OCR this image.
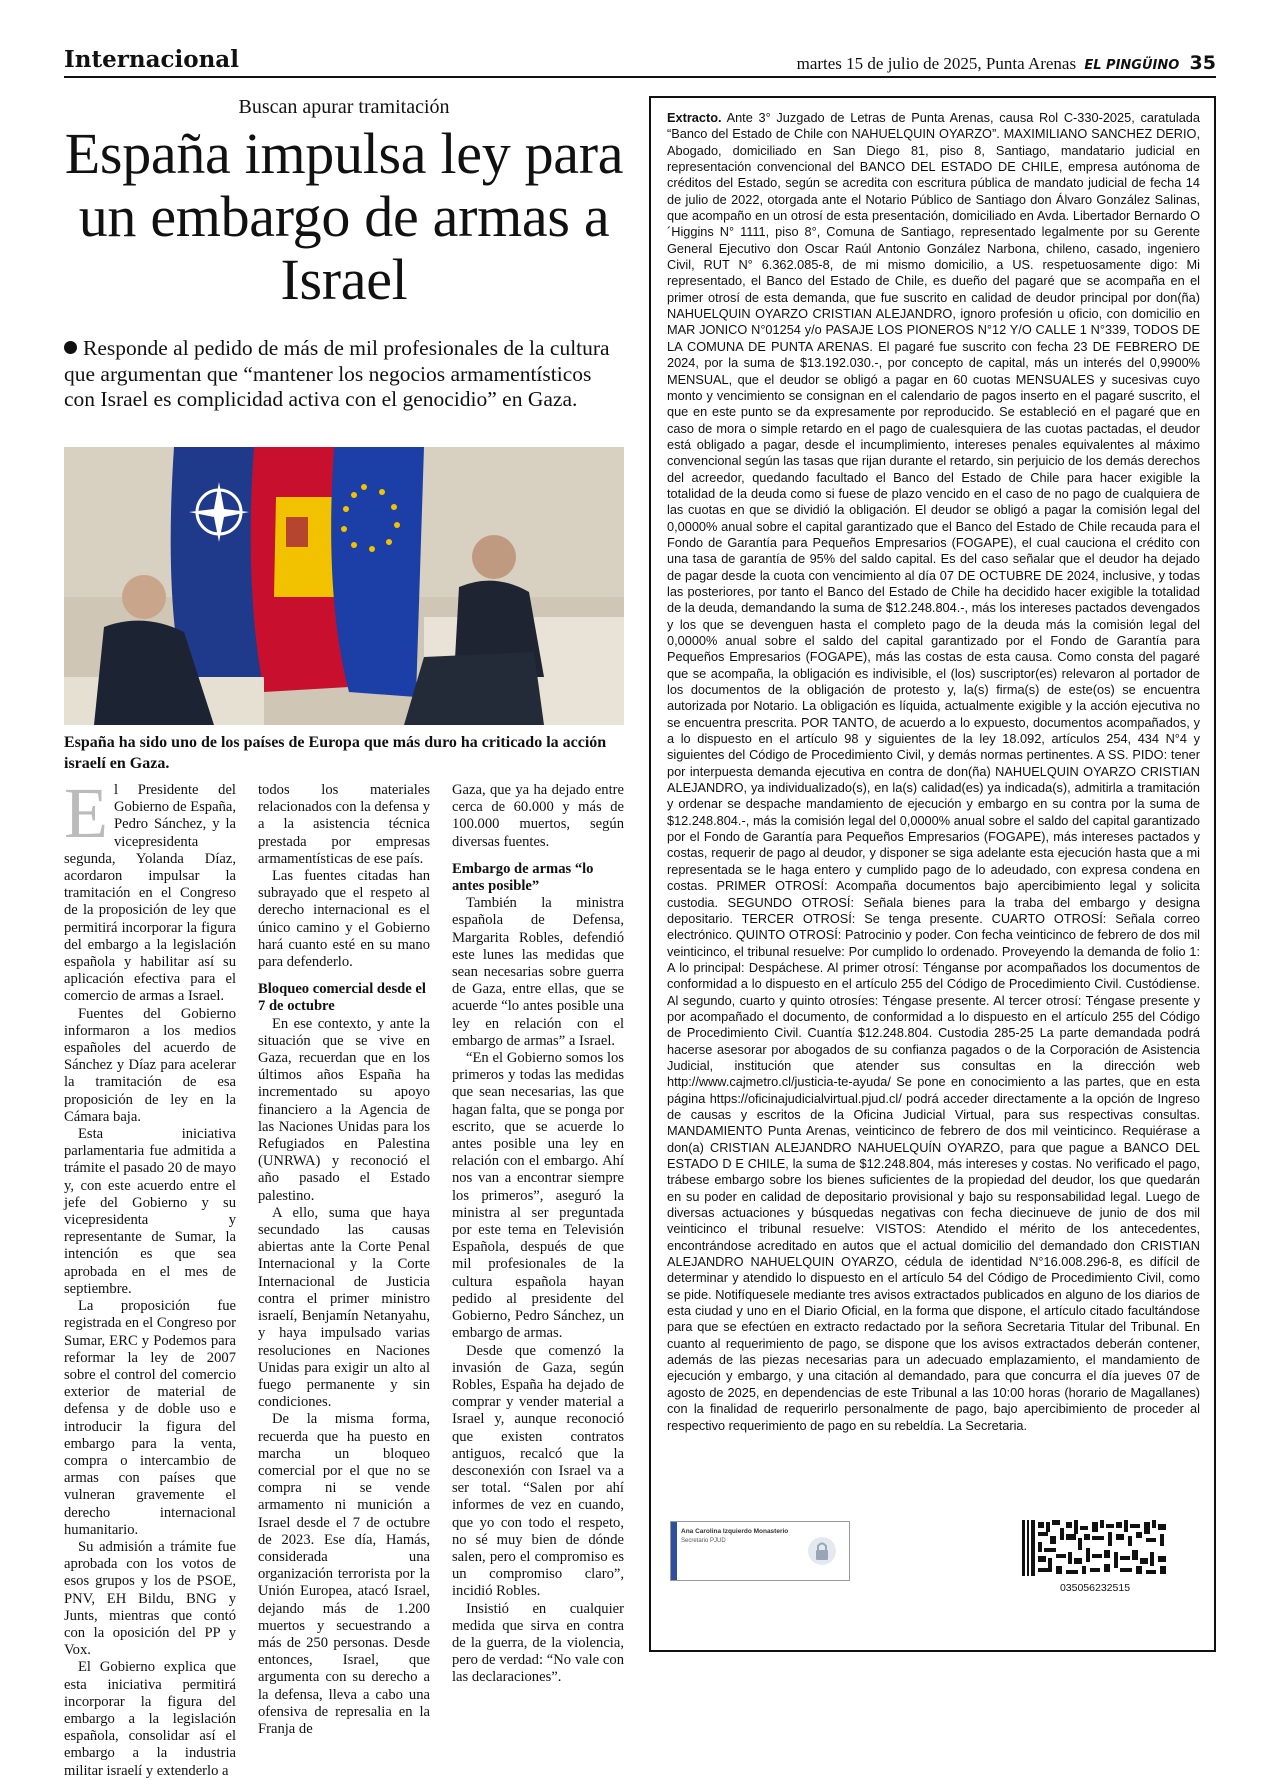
Internacional	martes 15 de julio de 2025, Punta Arenas EL PINGÜINO 35
Buscan apurar tramitación
España impulsa ley para un embargo de armas a Israel
Responde al pedido de más de mil profesionales de la cultura que argumentan que “mantener los negocios armamentísticos con Israel es complicidad activa con el genocidio” en Gaza.
España ha sido uno de los países de Europa que más duro ha criticado la acción israelí en Gaza.
E l Presidente del Gobierno de España, Pedro Sánchez, y la vicepresidenta segunda, Yolanda Díaz, acordaron impulsar la tramitación en el Congreso de la proposición de ley que permitirá incorporar la figura del embargo a la legislación española y habilitar así su aplicación efectiva para el comercio de armas a Israel.

Fuentes del Gobierno informaron a los medios españoles del acuerdo de Sánchez y Díaz para acelerar la tramitación de esa proposición de ley en la Cámara baja.

Esta iniciativa parlamentaria fue admitida a trámite el pasado 20 de mayo y, con este acuerdo entre el jefe del Gobierno y su vicepresidenta y representante de Sumar, la intención es que sea aprobada en el mes de septiembre.

La proposición fue registrada en el Congreso por Sumar, ERC y Podemos para reformar la ley de 2007 sobre el control del comercio exterior de material de defensa y de doble uso e introducir la figura del embargo para la venta, compra o intercambio de armas con países que vulneran gravemente el derecho internacional humanitario.

Su admisión a trámite fue aprobada con los votos de esos grupos y los de PSOE, PNV, EH Bildu, BNG y Junts, mientras que contó con la oposición del PP y Vox.

El Gobierno explica que esta iniciativa permitirá incorporar la figura del embargo a la legislación española, consolidar así el embargo a la industria militar israelí y extenderlo a

todos los materiales relacionados con la defensa y a la asistencia técnica prestada por empresas armamentísticas de ese país.

Las fuentes citadas han subrayado que el respeto al derecho internacional es el único camino y el Gobierno hará cuanto esté en su mano para defenderlo.

Bloqueo comercial desde el 7 de octubre

En ese contexto, y ante la situación que se vive en Gaza, recuerdan que en los últimos años España ha incrementado su apoyo financiero a la Agencia de las Naciones Unidas para los Refugiados en Palestina (UNRWA) y reconoció el año pasado el Estado palestino.

A ello, suma que haya secundado las causas abiertas ante la Corte Penal Internacional y la Corte Internacional de Justicia contra el primer ministro israelí, Benjamín Netanyahu, y haya impulsado varias resoluciones en Naciones Unidas para exigir un alto al fuego permanente y sin condiciones.

De la misma forma, recuerda que ha puesto en marcha un bloqueo comercial por el que no se compra ni se vende armamento ni munición a Israel desde el 7 de octubre de 2023. Ese día, Hamás, considerada una organización terrorista por la Unión Europea, atacó Israel, dejando más de 1.200 muertos y secuestrando a más de 250 personas. Desde entonces, Israel, que argumenta con su derecho a la defensa, lleva a cabo una ofensiva de represalia en la Franja de

Gaza, que ya ha dejado entre cerca de 60.000 y más de 100.000 muertos, según diversas fuentes.

Embargo de armas “lo antes posible”

También la ministra española de Defensa, Margarita Robles, defendió este lunes las medidas que sean necesarias sobre guerra de Gaza, entre ellas, que se acuerde “lo antes posible una ley en relación con el embargo de armas” a Israel.

“En el Gobierno somos los primeros y todas las medidas que sean necesarias, las que hagan falta, que se ponga por escrito, que se acuerde lo antes posible una ley en relación con el embargo. Ahí nos van a encontrar siempre los primeros”, aseguró la ministra al ser preguntada por este tema en Televisión Española, después de que mil profesionales de la cultura española hayan pedido al presidente del Gobierno, Pedro Sánchez, un embargo de armas.

Desde que comenzó la invasión de Gaza, según Robles, España ha dejado de comprar y vender material a Israel y, aunque reconoció que existen contratos antiguos, recalcó que la desconexión con Israel va a ser total. “Salen por ahí informes de vez en cuando, que yo con todo el respeto, no sé muy bien de dónde salen, pero el compromiso es un compromiso claro”, incidió Robles.

Insistió en cualquier medida que sirva en contra de la guerra, de la violencia, pero de verdad: “No vale con las declaraciones”.

Extracto. Ante 3° Juzgado de Letras de Punta Arenas, causa Rol C-330-2025, caratulada “Banco del Estado de Chile con NAHUELQUIN OYARZO”. MAXIMILIANO SANCHEZ DERIO, Abogado, domiciliado en San Diego 81, piso 8, Santiago, mandatario judicial en representación convencional del BANCO DEL ESTADO DE CHILE, empresa autónoma de créditos del Estado, según se acredita con escritura pública de mandato judicial de fecha 14 de julio de 2022, otorgada ante el Notario Público de Santiago don Álvaro González Salinas, que acompaño en un otrosí de esta presentación, domiciliado en Avda. Libertador Bernardo O´Higgins N° 1111, piso 8°, Comuna de Santiago, representado legalmente por su Gerente General Ejecutivo don Oscar Raúl Antonio González Narbona, chileno, casado, ingeniero Civil, RUT N° 6.362.085-8, de mi mismo domicilio, a US. respetuosamente digo: Mi representado, el Banco del Estado de Chile, es dueño del pagaré que se acompaña en el primer otrosí de esta demanda, que fue suscrito en calidad de deudor principal por don(ña) NAHUELQUIN OYARZO CRISTIAN ALEJANDRO, ignoro profesión u oficio, con domicilio en MAR JONICO N°01254 y/o PASAJE LOS PIONEROS N°12 Y/O CALLE 1 N°339, TODOS DE LA COMUNA DE PUNTA ARENAS. El pagaré fue suscrito con fecha 23 DE FEBRERO DE 2024, por la suma de $13.192.030.-, por concepto de capital, más un interés del 0,9900% MENSUAL, que el deudor se obligó a pagar en 60 cuotas MENSUALES y sucesivas cuyo monto y vencimiento se consignan en el calendario de pagos inserto en el pagaré suscrito, el que en este punto se da expresamente por reproducido. Se estableció en el pagaré que en caso de mora o simple retardo en el pago de cualesquiera de las cuotas pactadas, el deudor está obligado a pagar, desde el incumplimiento, intereses penales equivalentes al máximo convencional según las tasas que rijan durante el retardo, sin perjuicio de los demás derechos del acreedor, quedando facultado el Banco del Estado de Chile para hacer exigible la totalidad de la deuda como si fuese de plazo vencido en el caso de no pago de cualquiera de las cuotas en que se dividió la obligación. El deudor se obligó a pagar la comisión legal del 0,0000% anual sobre el capital garantizado que el Banco del Estado de Chile recauda para el Fondo de Garantía para Pequeños Empresarios (FOGAPE), el cual cauciona el crédito con una tasa de garantía de 95% del saldo capital. Es del caso señalar que el deudor ha dejado de pagar desde la cuota con vencimiento al día 07 DE OCTUBRE DE 2024, inclusive, y todas las posteriores, por tanto el Banco del Estado de Chile ha decidido hacer exigible la totalidad de la deuda, demandando la suma de $12.248.804.-, más los intereses pactados devengados y los que se devenguen hasta el completo pago de la deuda más la comisión legal del 0,0000% anual sobre el saldo del capital garantizado por el Fondo de Garantía para Pequeños Empresarios (FOGAPE), más las costas de esta causa. Como consta del pagaré que se acompaña, la obligación es indivisible, el (los) suscriptor(es) relevaron al portador de los documentos de la obligación de protesto y, la(s) firma(s) de este(os) se encuentra autorizada por Notario. La obligación es líquida, actualmente exigible y la acción ejecutiva no se encuentra prescrita. POR TANTO, de acuerdo a lo expuesto, documentos acompañados, y a lo dispuesto en el artículo 98 y siguientes de la ley 18.092, artículos 254, 434 N°4 y siguientes del Código de Procedimiento Civil, y demás normas pertinentes. A SS. PIDO: tener por interpuesta demanda ejecutiva en contra de don(ña) NAHUELQUIN OYARZO CRISTIAN ALEJANDRO, ya individualizado(s), en la(s) calidad(es) ya indicada(s), admitirla a tramitación y ordenar se despache mandamiento de ejecución y embargo en su contra por la suma de $12.248.804.-, más la comisión legal del 0,0000% anual sobre el saldo del capital garantizado por el Fondo de Garantía para Pequeños Empresarios (FOGAPE), más intereses pactados y costas, requerir de pago al deudor, y disponer se siga adelante esta ejecución hasta que a mi representada se le haga entero y cumplido pago de lo adeudado, con expresa condena en costas. PRIMER OTROSÍ: Acompaña documentos bajo apercibimiento legal y solicita custodia. SEGUNDO OTROSÍ: Señala bienes para la traba del embargo y designa depositario. TERCER OTROSÍ: Se tenga presente. CUARTO OTROSÍ: Señala correo electrónico. QUINTO OTROSÍ: Patrocinio y poder. Con fecha veinticinco de febrero de dos mil veinticinco, el tribunal resuelve: Por cumplido lo ordenado. Proveyendo la demanda de folio 1: A lo principal: Despáchese. Al primer otrosí: Ténganse por acompañados los documentos de conformidad a lo dispuesto en el artículo 255 del Código de Procedimiento Civil. Custódiense. Al segundo, cuarto y quinto otrosíes: Téngase presente. Al tercer otrosí: Téngase presente y por acompañado el documento, de conformidad a lo dispuesto en el artículo 255 del Código de Procedimiento Civil. Cuantía $12.248.804. Custodia 285-25 La parte demandada podrá hacerse asesorar por abogados de su confianza pagados o de la Corporación de Asistencia Judicial, institución que atender sus consultas en la dirección web http://www.cajmetro.cl/justicia-te-ayuda/ Se pone en conocimiento a las partes, que en esta página https://oficinajudicialvirtual.pjud.cl/ podrá acceder directamente a la opción de Ingreso de causas y escritos de la Oficina Judicial Virtual, para sus respectivas consultas. MANDAMIENTO Punta Arenas, veinticinco de febrero de dos mil veinticinco. Requiérase a don(a) CRISTIAN ALEJANDRO NAHUELQUÍN OYARZO, para que pague a BANCO DEL ESTADO D E CHILE, la suma de $12.248.804, más intereses y costas. No verificado el pago, trábese embargo sobre los bienes suficientes de la propiedad del deudor, los que quedarán en su poder en calidad de depositario provisional y bajo su responsabilidad legal. Luego de diversas actuaciones y búsquedas negativas con fecha diecinueve de junio de dos mil veinticinco el tribunal resuelve: VISTOS: Atendido el mérito de los antecedentes, encontrándose acreditado en autos que el actual domicilio del demandado don CRISTIAN ALEJANDRO NAHUELQUIN OYARZO, cédula de identidad N°16.008.296-8, es difícil de determinar y atendido lo dispuesto en el artículo 54 del Código de Procedimiento Civil, como se pide. Notifíquesele mediante tres avisos extractados publicados en alguno de los diarios de esta ciudad y uno en el Diario Oficial, en la forma que dispone, el artículo citado facultándose para que se efectúen en extracto redactado por la señora Secretaria Titular del Tribunal. En cuanto al requerimiento de pago, se dispone que los avisos extractados deberán contener, además de las piezas necesarias para un adecuado emplazamiento, el mandamiento de ejecución y embargo, y una citación al demandado, para que concurra el día jueves 07 de agosto de 2025, en dependencias de este Tribunal a las 10:00 horas (horario de Magallanes) con la finalidad de requerirlo personalmente de pago, bajo apercibimiento de proceder al respectivo requerimiento de pago en su rebeldía. La Secretaria.
Ana Carolina Izquierdo Monasterio
Secretario PJUD
035056232515
